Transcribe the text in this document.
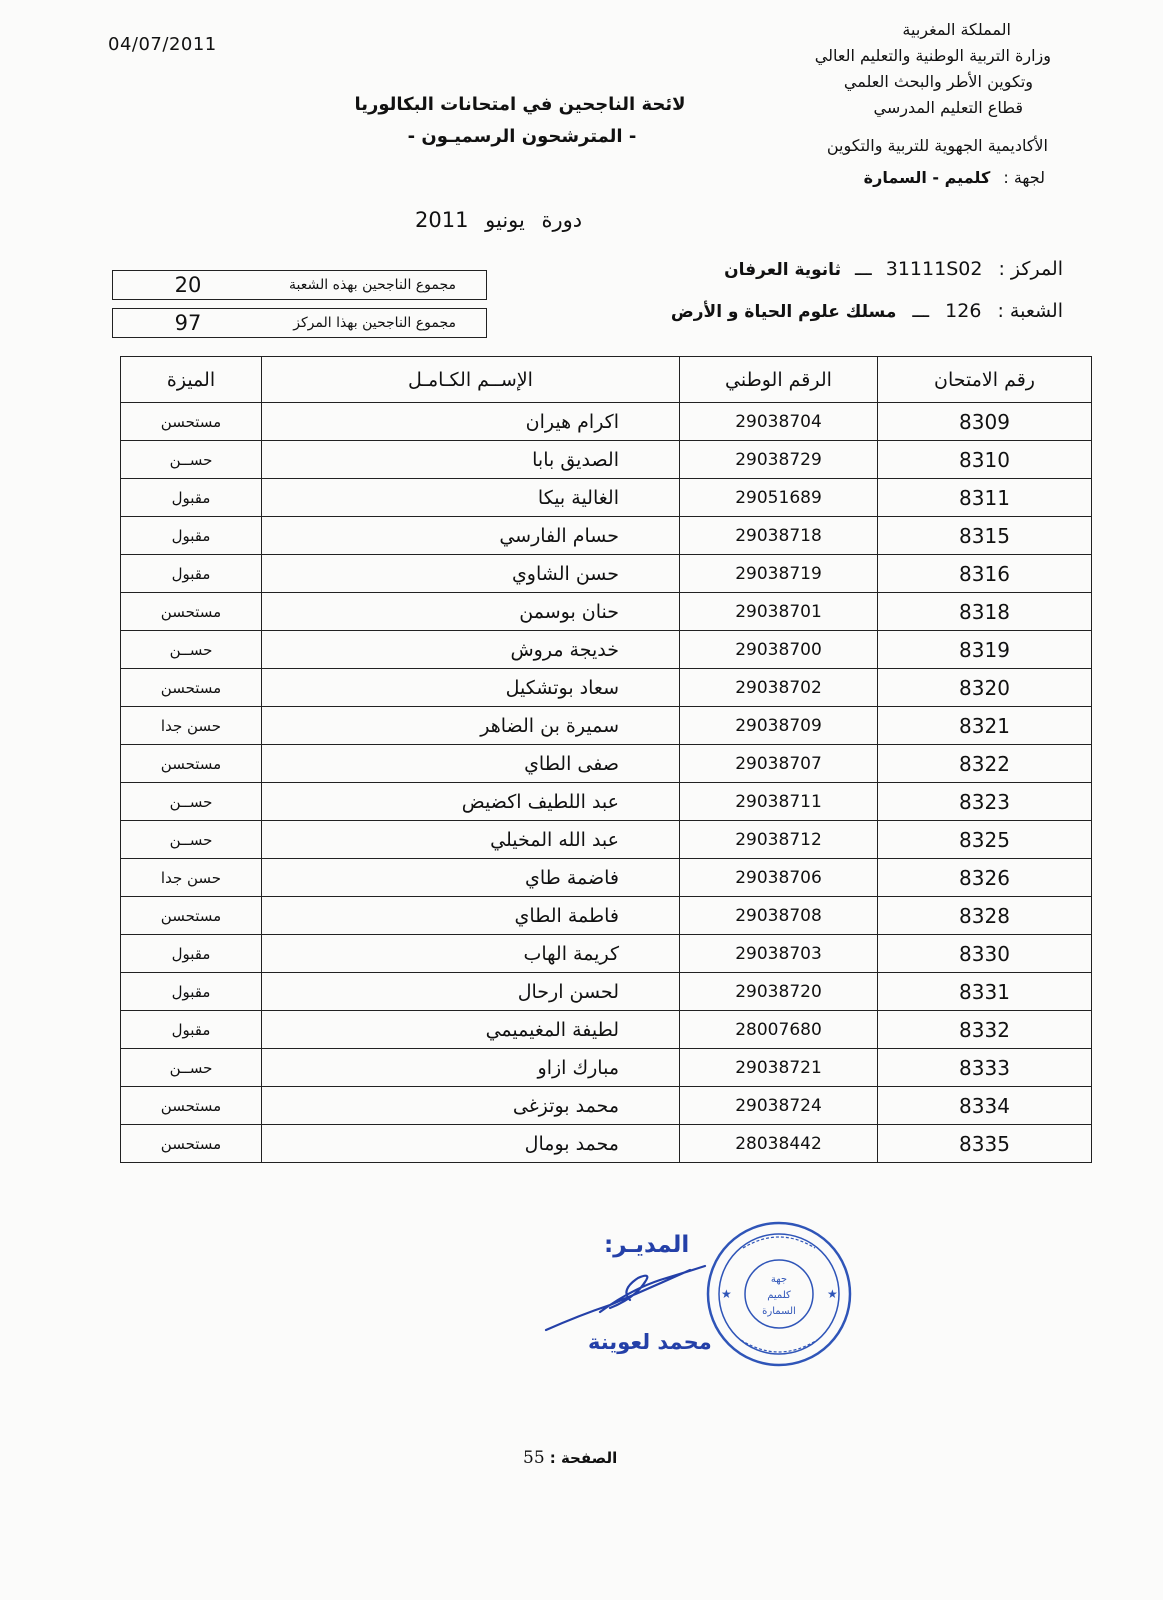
04/07/2011
المملكة المغربية
وزارة التربية الوطنية والتعليم العالي
وتكوين الأطر والبحث العلمي
قطاع التعليم المدرسي
الأكاديمية الجهوية للتربية والتكوين
لجهة : كلميم - السمارة
لائحة الناجحين في امتحانات البكالوريا
- المترشحون الرسميـون -
دورة يونيو 2011
المركز : 31111S02 ـــ ثانوية العرفان
الشعبة : 126 ـــ مسلك علوم الحياة و الأرض
مجموع الناجحين بهذه الشعبة
20
مجموع الناجحين بهذا المركز
97
رقم الامتحان	الرقم الوطني	الإســم الكـامـل	الميزة
8309	29038704	اكرام هيران	مستحسن
8310	29038729	الصديق بابا	حســن
8311	29051689	الغالية بيكا	مقبول
8315	29038718	حسام الفارسي	مقبول
8316	29038719	حسن الشاوي	مقبول
8318	29038701	حنان بوسمن	مستحسن
8319	29038700	خديجة مروش	حســن
8320	29038702	سعاد بوتشكيل	مستحسن
8321	29038709	سميرة بن الضاهر	حسن جدا
8322	29038707	صفى الطاي	مستحسن
8323	29038711	عبد اللطيف اكضيض	حســن
8325	29038712	عبد الله المخيلي	حســن
8326	29038706	فاضمة طاي	حسن جدا
8328	29038708	فاطمة الطاي	مستحسن
8330	29038703	كريمة الهاب	مقبول
8331	29038720	لحسن ارحال	مقبول
8332	28007680	لطيفة المغيميمي	مقبول
8333	29038721	مبارك ازاو	حســن
8334	29038724	محمد بوتزغى	مستحسن
8335	28038442	محمد بومال	مستحسن
جهة
كلميم
السمارة
★	★
المديـر:
محمد لعوينة
الصفحة : 55
